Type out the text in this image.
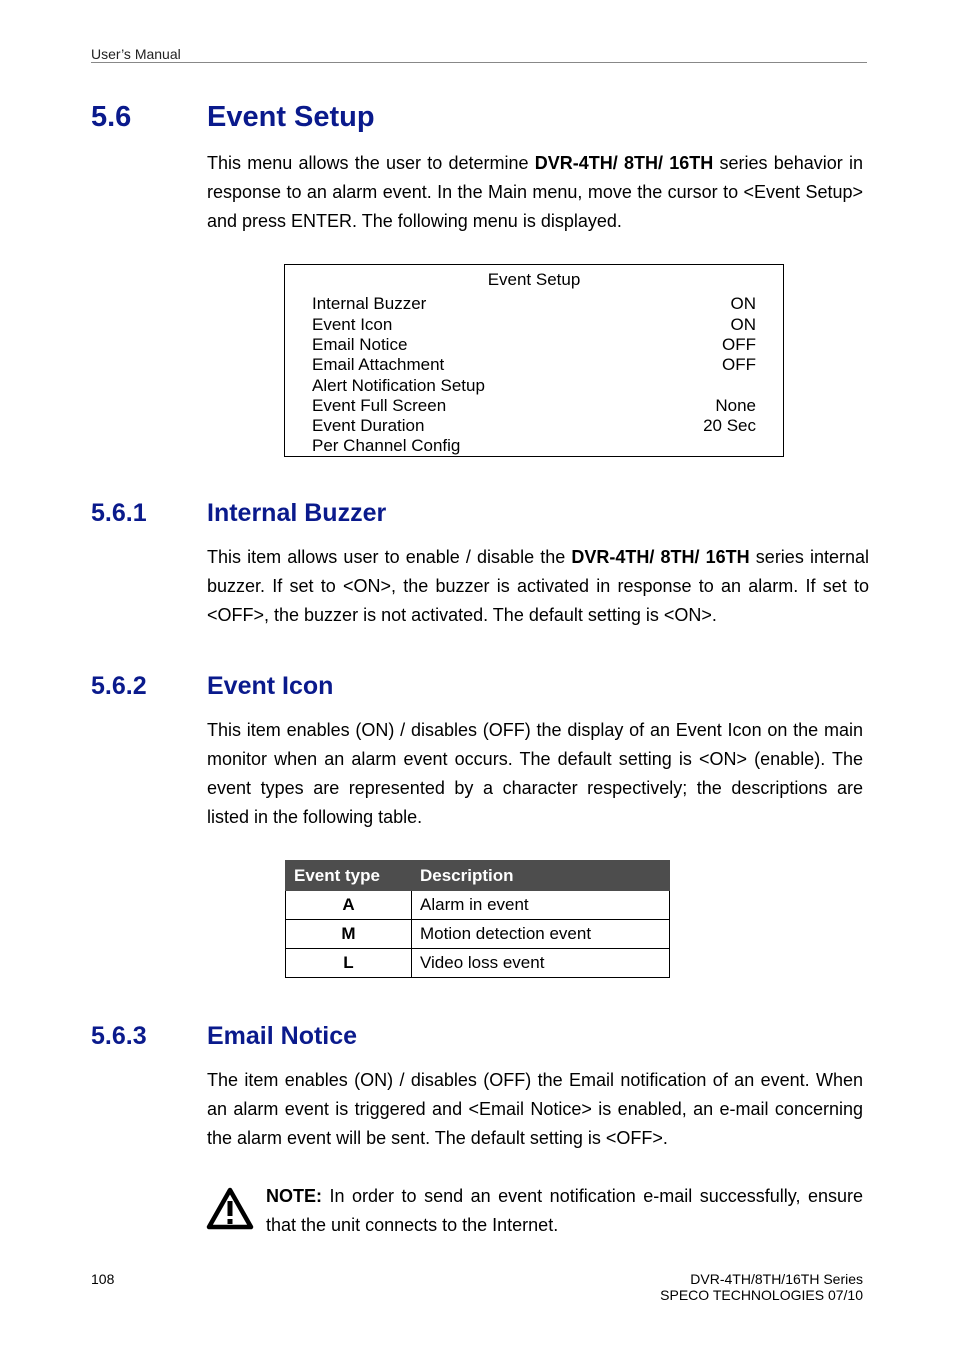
User’s Manual
5.6	Event Setup
This menu allows the user to determine DVR-4TH/ 8TH/ 16TH series behavior in response to an alarm event. In the Main menu, move the cursor to <Event Setup> and press ENTER. The following menu is displayed.
Event Setup
Internal Buzzer	ON
Event Icon	ON
Email Notice	OFF
Email Attachment	OFF
Alert Notification Setup
Event Full Screen	None
Event Duration	20 Sec
Per Channel Config
5.6.1 Internal Buzzer
This item allows user to enable / disable the DVR-4TH/ 8TH/ 16TH series internal buzzer. If set to <ON>, the buzzer is activated in response to an alarm. If set to <OFF>, the buzzer is not activated. The default setting is <ON>.
5.6.2 Event Icon
This item enables (ON) / disables (OFF) the display of an Event Icon on the main monitor when an alarm event occurs. The default setting is <ON> (enable). The event types are represented by a character respectively; the descriptions are listed in the following table.
Event type	Description
A	Alarm in event
M	Motion detection event
L	Video loss event
5.6.3 Email Notice
The item enables (ON) / disables (OFF) the Email notification of an event. When an alarm event is triggered and <Email Notice> is enabled, an e-mail concerning the alarm event will be sent. The default setting is <OFF>.
NOTE: In order to send an event notification e-mail successfully, ensure that the unit connects to the Internet.
108	DVR-4TH/8TH/16TH Series
SPECO TECHNOLOGIES 07/10
